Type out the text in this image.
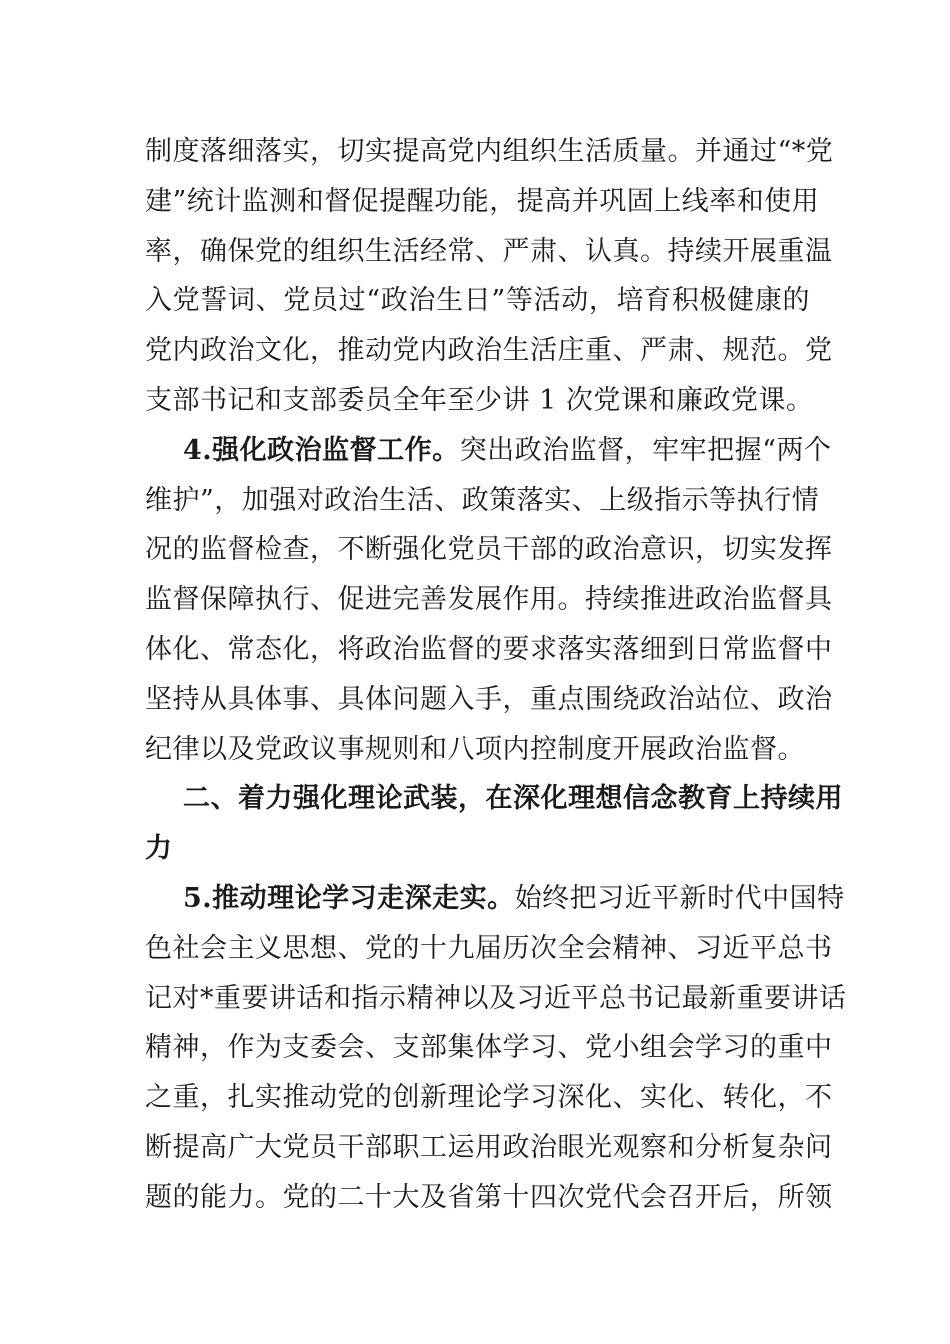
制度落细落实，切实提高党内组织生活质量。并通过“*党
建”统计监测和督促提醒功能，提高并巩固上线率和使用
率，确保党的组织生活经常、严肃、认真。持续开展重温
入党誓词、党员过“政治生日”等活动，培育积极健康的
党内政治文化，推动党内政治生活庄重、严肃、规范。党
支部书记和支部委员全年至少讲 1 次党课和廉政党课。
4.强化政治监督工作。突出政治监督，牢牢把握“两个
维护”，加强对政治生活、政策落实、上级指示等执行情
况的监督检查，不断强化党员干部的政治意识，切实发挥
监督保障执行、促进完善发展作用。持续推进政治监督具
体化、常态化，将政治监督的要求落实落细到日常监督中
坚持从具体事、具体问题入手，重点围绕政治站位、政治
纪律以及党政议事规则和八项内控制度开展政治监督。
二、着力强化理论武装，在深化理想信念教育上持续用
力
5.推动理论学习走深走实。始终把习近平新时代中国特
色社会主义思想、党的十九届历次全会精神、习近平总书
记对*重要讲话和指示精神以及习近平总书记最新重要讲话
精神，作为支委会、支部集体学习、党小组会学习的重中
之重，扎实推动党的创新理论学习深化、实化、转化，不
断提高广大党员干部职工运用政治眼光观察和分析复杂问
题的能力。党的二十大及省第十四次党代会召开后，所领
